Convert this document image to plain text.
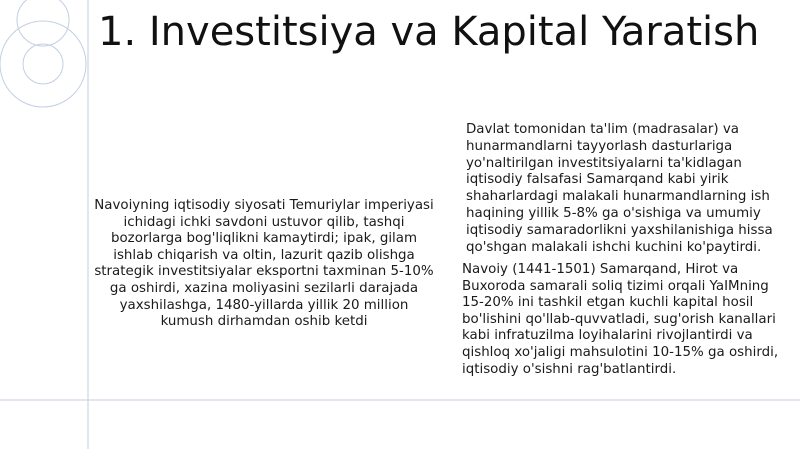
1. Investitsiya va Kapital Yaratish

Navoiyning iqtisodiy siyosati Temuriylar imperiyasi ichidagi ichki savdoni ustuvor qilib, tashqi bozorlarga bog'liqlikni kamaytirdi; ipak, gilam ishlab chiqarish va oltin, lazurit qazib olishga strategik investitsiyalar eksportni taxminan 5-10% ga oshirdi, xazina moliyasini sezilarli darajada yaxshilashga, 1480-yillarda yillik 20 million kumush dirhamdan oshib ketdi

Davlat tomonidan ta'lim (madrasalar) va hunarmandlarni tayyorlash dasturlariga yo'naltirilgan investitsiyalarni ta'kidlagan iqtisodiy falsafasi Samarqand kabi yirik shaharlardagi malakali hunarmandlarning ish haqining yillik 5-8% ga o'sishiga va umumiy iqtisodiy samaradorlikni yaxshilanishiga hissa qo'shgan malakali ishchi kuchini ko'paytirdi.

Navoiy (1441-1501) Samarqand, Hirot va Buxoroda samarali soliq tizimi orqali YaIMning 15-20% ini tashkil etgan kuchli kapital hosil bo'lishini qo'llab-quvvatladi, sug'orish kanallari kabi infratuzilma loyihalarini rivojlantirdi va qishloq xo'jaligi mahsulotini 10-15% ga oshirdi, iqtisodiy o'sishni rag'batlantirdi.
